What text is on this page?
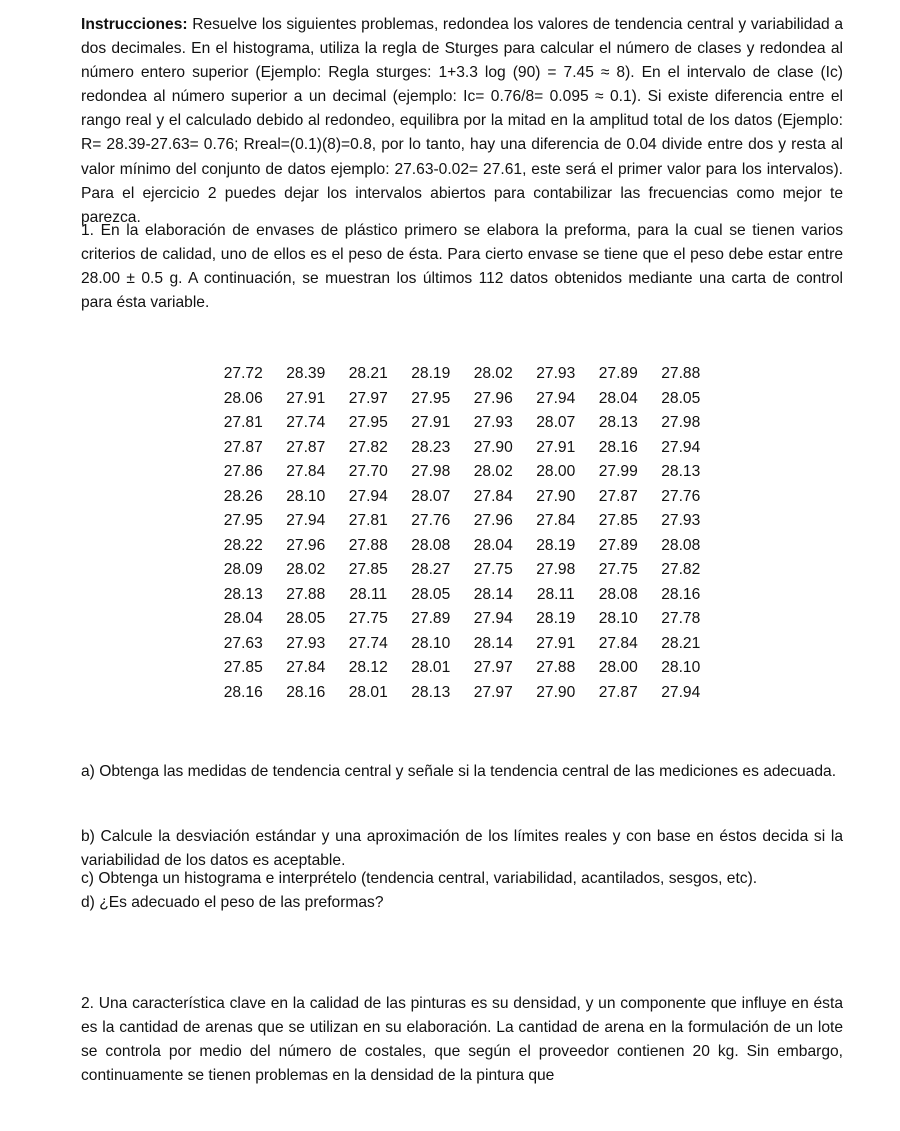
Instrucciones: Resuelve los siguientes problemas, redondea los valores de tendencia central y variabilidad a dos decimales. En el histograma, utiliza la regla de Sturges para calcular el número de clases y redondea al número entero superior (Ejemplo: Regla sturges: 1+3.3 log (90) = 7.45 ≈ 8). En el intervalo de clase (Ic) redondea al número superior a un decimal (ejemplo: Ic= 0.76/8= 0.095 ≈ 0.1). Si existe diferencia entre el rango real y el calculado debido al redondeo, equilibra por la mitad en la amplitud total de los datos (Ejemplo: R= 28.39-27.63= 0.76; Rreal=(0.1)(8)=0.8, por lo tanto, hay una diferencia de 0.04 divide entre dos y resta al valor mínimo del conjunto de datos ejemplo: 27.63-0.02= 27.61, este será el primer valor para los intervalos). Para el ejercicio 2 puedes dejar los intervalos abiertos para contabilizar las frecuencias como mejor te parezca.

1. En la elaboración de envases de plástico primero se elabora la preforma, para la cual se tienen varios criterios de calidad, uno de ellos es el peso de ésta. Para cierto envase se tiene que el peso debe estar entre 28.00 ± 0.5 g. A continuación, se muestran los últimos 112 datos obtenidos mediante una carta de control para ésta variable.

27.72	28.39	28.21	28.19	28.02	27.93	27.89	27.88
28.06	27.91	27.97	27.95	27.96	27.94	28.04	28.05
27.81	27.74	27.95	27.91	27.93	28.07	28.13	27.98
27.87	27.87	27.82	28.23	27.90	27.91	28.16	27.94
27.86	27.84	27.70	27.98	28.02	28.00	27.99	28.13
28.26	28.10	27.94	28.07	27.84	27.90	27.87	27.76
27.95	27.94	27.81	27.76	27.96	27.84	27.85	27.93
28.22	27.96	27.88	28.08	28.04	28.19	27.89	28.08
28.09	28.02	27.85	28.27	27.75	27.98	27.75	27.82
28.13	27.88	28.11	28.05	28.14	28.11	28.08	28.16
28.04	28.05	27.75	27.89	27.94	28.19	28.10	27.78
27.63	27.93	27.74	28.10	28.14	27.91	27.84	28.21
27.85	27.84	28.12	28.01	27.97	27.88	28.00	28.10
28.16	28.16	28.01	28.13	27.97	27.90	27.87	27.94

a) Obtenga las medidas de tendencia central y señale si la tendencia central de las mediciones es adecuada.

b) Calcule la desviación estándar y una aproximación de los límites reales y con base en éstos decida si la variabilidad de los datos es aceptable.

c) Obtenga un histograma e interprételo (tendencia central, variabilidad, acantilados, sesgos, etc).

d) ¿Es adecuado el peso de las preformas?

2. Una característica clave en la calidad de las pinturas es su densidad, y un componente que influye en ésta es la cantidad de arenas que se utilizan en su elaboración. La cantidad de arena en la formulación de un lote se controla por medio del número de costales, que según el proveedor contienen 20 kg. Sin embargo, continuamente se tienen problemas en la densidad de la pintura que
